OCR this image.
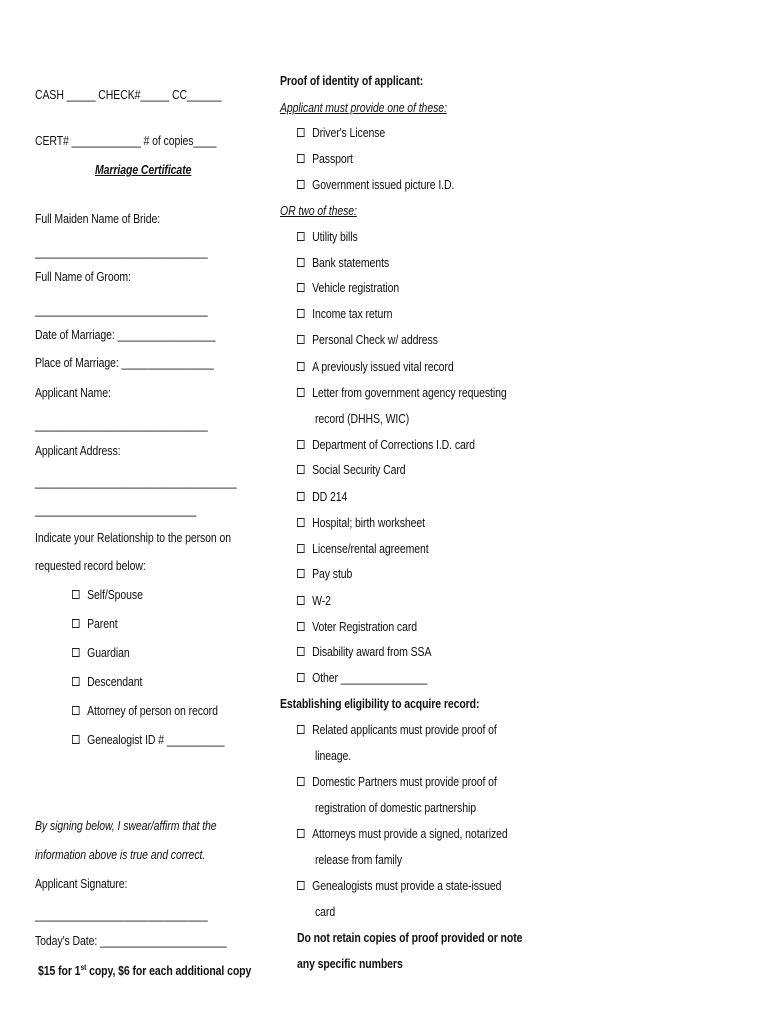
CASH _____ CHECK#_____ CC______
CERT# ____________ # of copies____
Marriage Certificate
Full Maiden Name of Bride:
______________________________
Full Name of Groom:
______________________________
Date of Marriage: _________________
Place of Marriage: ________________
Applicant Name:
______________________________
Applicant Address:
___________________________________
____________________________
Indicate your Relationship to the person on
requested record below:
Self/Spouse
Parent
Guardian
Descendant
Attorney of person on record
Genealogist ID # __________
By signing below, I swear/affirm that the
information above is true and correct.
Applicant Signature:
______________________________
Today's Date: ______________________
$15 for 1st copy, $6 for each additional copy
Proof of identity of applicant:
Applicant must provide one of these:
Driver's License
Passport
Government issued picture I.D.
OR two of these:
Utility bills
Bank statements
Vehicle registration
Income tax return
Personal Check w/ address
A previously issued vital record
Letter from government agency requesting
record (DHHS, WIC)
Department of Corrections I.D. card
Social Security Card
DD 214
Hospital; birth worksheet
License/rental agreement
Pay stub
W-2
Voter Registration card
Disability award from SSA
Other _______________
Establishing eligibility to acquire record:
Related applicants must provide proof of
lineage.
Domestic Partners must provide proof of
registration of domestic partnership
Attorneys must provide a signed, notarized
release from family
Genealogists must provide a state-issued
card
Do not retain copies of proof provided or note
any specific numbers
